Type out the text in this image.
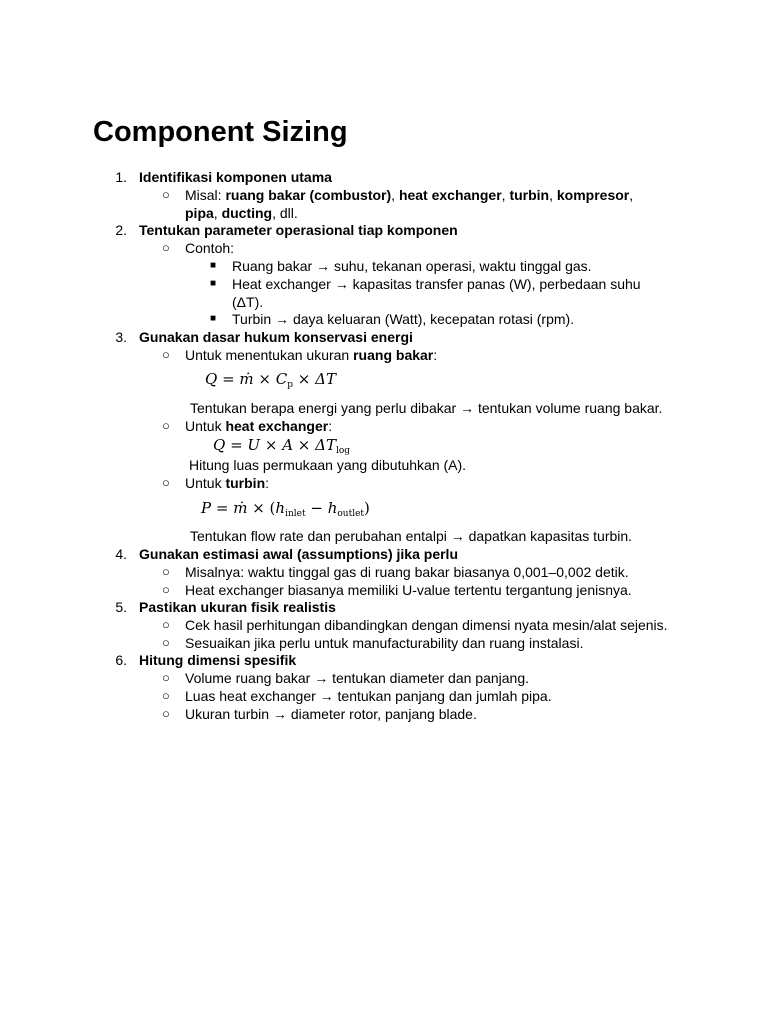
Component Sizing
1. Identifikasi komponen utama
○ Misal: ruang bakar (combustor), heat exchanger, turbin, kompresor,
pipa, ducting, dll.
2. Tentukan parameter operasional tiap komponen
○ Contoh:
■ Ruang bakar → suhu, tekanan operasi, waktu tinggal gas.
■ Heat exchanger → kapasitas transfer panas (W), perbedaan suhu
(ΔT).
■ Turbin → daya keluaran (Watt), kecepatan rotasi (rpm).
3. Gunakan dasar hukum konservasi energi
○ Untuk menentukan ukuran ruang bakar:
Q = ṁ × $C_p \times \Delta T$
Tentukan berapa energi yang perlu dibakar → tentukan volume ruang bakar.
○ Untuk heat exchanger:
$Q = U \times A \times \Delta T_{log}$
Hitung luas permukaan yang dibutuhkan (A).
○ Untuk turbin:
P = ṁ × $(h_{inlet} - h_{outlet})$
Tentukan flow rate dan perubahan entalpi → dapatkan kapasitas turbin.
4. Gunakan estimasi awal (assumptions) jika perlu
○ Misalnya: waktu tinggal gas di ruang bakar biasanya 0,001–0,002 detik.
○ Heat exchanger biasanya memiliki U-value tertentu tergantung jenisnya.
5. Pastikan ukuran fisik realistis
○ Cek hasil perhitungan dibandingkan dengan dimensi nyata mesin/alat sejenis.
○ Sesuaikan jika perlu untuk manufacturability dan ruang instalasi.
6. Hitung dimensi spesifik
○ Volume ruang bakar → tentukan diameter dan panjang.
○ Luas heat exchanger → tentukan panjang dan jumlah pipa.
○ Ukuran turbin → diameter rotor, panjang blade.
